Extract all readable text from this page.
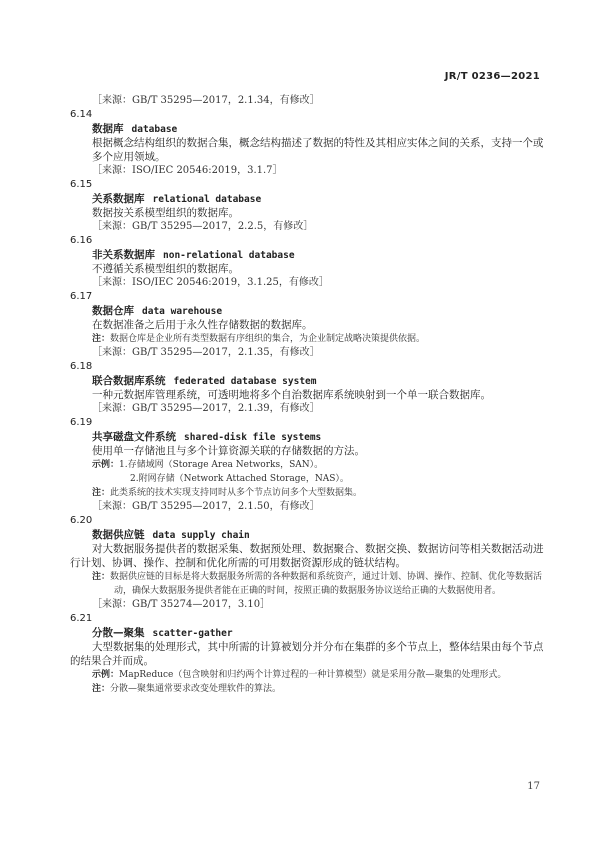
JR/T 0236—2021
［来源：GB/T 35295—2017，2.1.34，有修改］
6.14
数据库 database
根据概念结构组织的数据合集，概念结构描述了数据的特性及其相应实体之间的关系，支持一个或
多个应用领域。
［来源：ISO/IEC 20546:2019，3.1.7］
6.15
关系数据库 relational database
数据按关系模型组织的数据库。
［来源：GB/T 35295—2017，2.2.5，有修改］
6.16
非关系数据库 non-relational database
不遵循关系模型组织的数据库。
［来源：ISO/IEC 20546:2019，3.1.25，有修改］
6.17
数据仓库 data warehouse
在数据准备之后用于永久性存储数据的数据库。
注：数据仓库是企业所有类型数据有序组织的集合，为企业制定战略决策提供依据。
［来源：GB/T 35295—2017，2.1.35，有修改］
6.18
联合数据库系统 federated database system
一种元数据库管理系统，可透明地将多个自治数据库系统映射到一个单一联合数据库。
［来源：GB/T 35295—2017，2.1.39，有修改］
6.19
共享磁盘文件系统 shared-disk file systems
使用单一存储池且与多个计算资源关联的存储数据的方法。
示例：1.存储域网（Storage Area Networks，SAN）。
2.附网存储（Network Attached Storage，NAS）。
注：此类系统的技术实现支持同时从多个节点访问多个大型数据集。
［来源：GB/T 35295—2017，2.1.50，有修改］
6.20
数据供应链 data supply chain
对大数据服务提供者的数据采集、数据预处理、数据聚合、数据交换、数据访问等相关数据活动进
行计划、协调、操作、控制和优化所需的可用数据资源形成的链状结构。
注：数据供应链的目标是将大数据服务所需的各种数据和系统资产，通过计划、协调、操作、控制、优化等数据活
动，确保大数据服务提供者能在正确的时间，按照正确的数据服务协议送给正确的大数据使用者。
［来源：GB/T 35274—2017，3.10］
6.21
分散—聚集 scatter-gather
大型数据集的处理形式，其中所需的计算被划分并分布在集群的多个节点上，整体结果由每个节点
的结果合并而成。
示例：MapReduce（包含映射和归约两个计算过程的一种计算模型）就是采用分散—聚集的处理形式。
注：分散—聚集通常要求改变处理软件的算法。
17
